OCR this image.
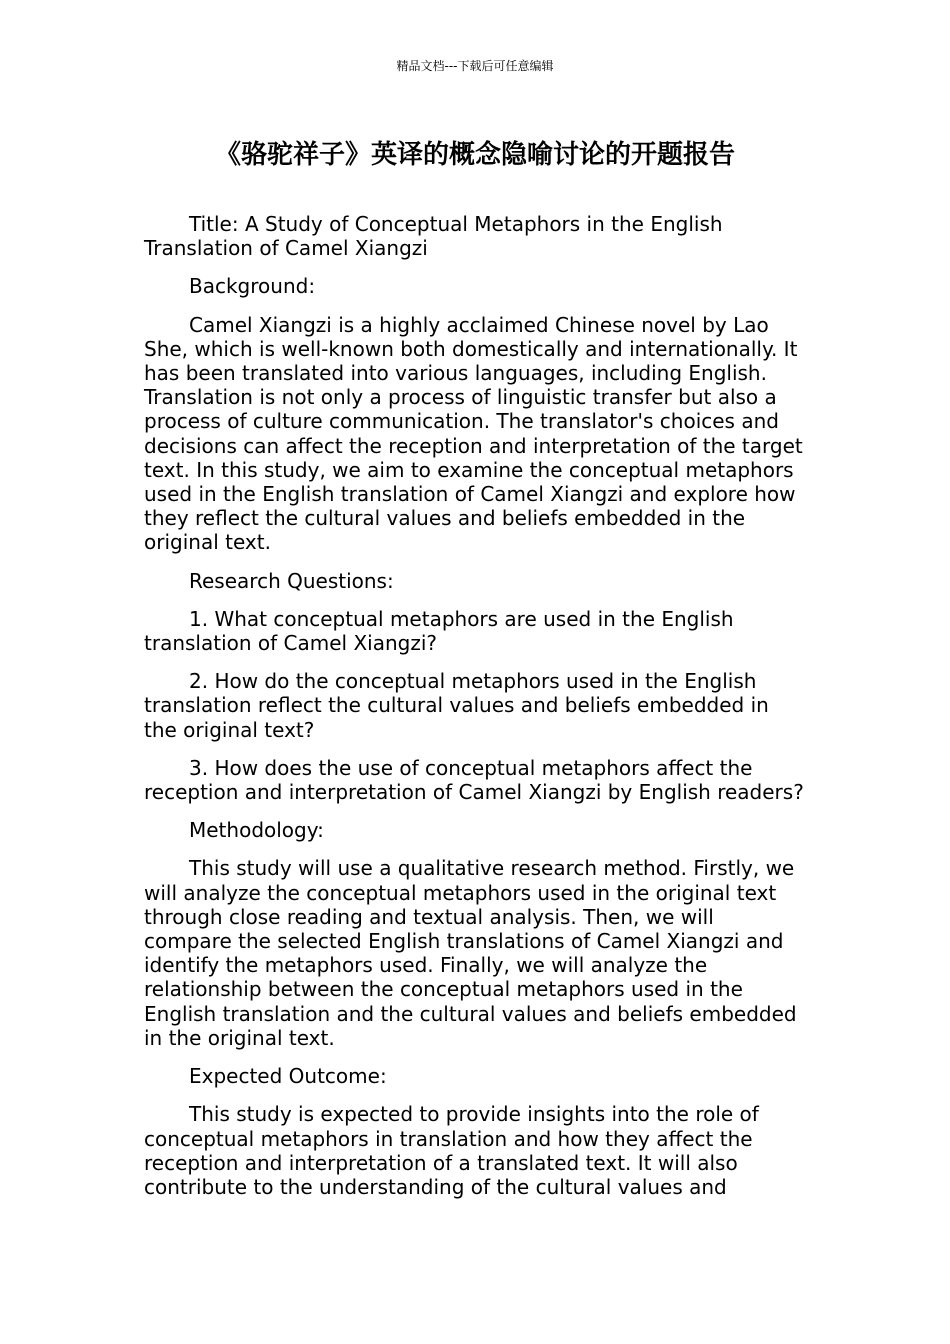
精品文档---下载后可任意编辑
《骆驼祥子》英译的概念隐喻讨论的开题报告

Title: A Study of Conceptual Metaphors in the English Translation of Camel Xiangzi

Background:

Camel Xiangzi is a highly acclaimed Chinese novel by Lao She, which is well-known both domestically and internationally. It has been translated into various languages, including English. Translation is not only a process of linguistic transfer but also a process of culture communication. The translator's choices and decisions can affect the reception and interpretation of the target text. In this study, we aim to examine the conceptual metaphors used in the English translation of Camel Xiangzi and explore how they reflect the cultural values and beliefs embedded in the original text.

Research Questions:

1. What conceptual metaphors are used in the English translation of Camel Xiangzi?

2. How do the conceptual metaphors used in the English translation reflect the cultural values and beliefs embedded in the original text?

3. How does the use of conceptual metaphors affect the reception and interpretation of Camel Xiangzi by English readers?

Methodology:

This study will use a qualitative research method. Firstly, we will analyze the conceptual metaphors used in the original text through close reading and textual analysis. Then, we will compare the selected English translations of Camel Xiangzi and identify the metaphors used. Finally, we will analyze the relationship between the conceptual metaphors used in the English translation and the cultural values and beliefs embedded in the original text.

Expected Outcome:

This study is expected to provide insights into the role of conceptual metaphors in translation and how they affect the reception and interpretation of a translated text. It will also contribute to the understanding of the cultural values and
